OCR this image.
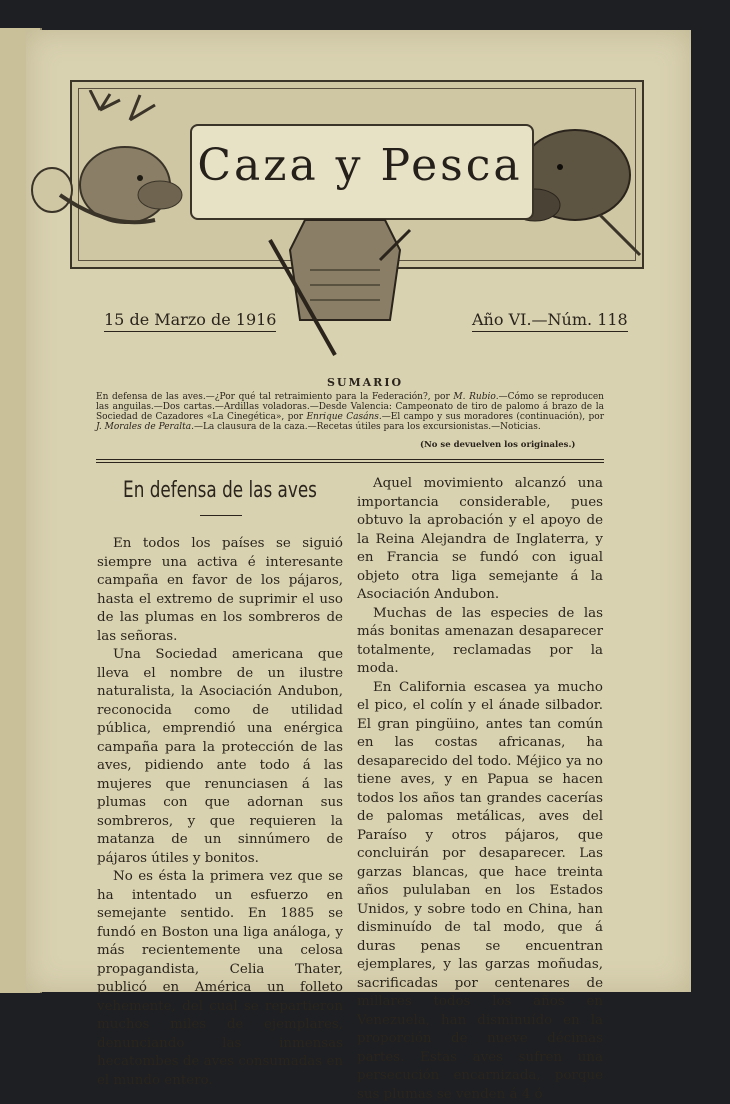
Caza y Pesca
15 de Marzo de 1916	Año VI.—Núm. 118
SUMARIO
En defensa de las aves.—¿Por qué tal retraimiento para la Federación?, por M. Rubio.—Cómo se reproducen las anguilas.—Dos cartas.—Ardillas voladoras.—Desde Valencia: Campeonato de tiro de palomo á brazo de la Sociedad de Cazadores «La Cinegética», por Enrique Casáns.—El campo y sus moradores (continuación), por J. Morales de Peralta.—La clausura de la caza.—Recetas útiles para los excursionistas.—Noticias.
(No se devuelven los originales.)
En defensa de las aves

En todos los países se siguió siempre una activa é interesante campaña en favor de los pájaros, hasta el extremo de suprimir el uso de las plumas en los sombreros de las señoras.

Una Sociedad americana que lleva el nombre de un ilustre naturalista, la Asociación Andubon, reconocida como de utilidad pública, emprendió una enérgica campaña para la protección de las aves, pidiendo ante todo á las mujeres que renunciasen á las plumas con que adornan sus sombreros, y que requieren la matanza de un sinnúmero de pájaros útiles y bonitos.

No es ésta la primera vez que se ha intentado un esfuerzo en semejante sentido. En 1885 se fundó en Boston una liga análoga, y más recientemente una celosa propagandista, Celia Thater, publicó en América un folleto vehemente, del cual se repartieron muchos miles de ejemplares, denunciando las inmensas hecatombes de aves consumadas en el mundo entero.

Aquel movimiento alcanzó una importancia considerable, pues obtuvo la aprobación y el apoyo de la Reina Alejandra de Inglaterra, y en Francia se fundó con igual objeto otra liga semejante á la Asociación Andubon.

Muchas de las especies de las más bonitas amenazan desaparecer totalmente, reclamadas por la moda.

En California escasea ya mucho el pico, el colín y el ánade silbador. El gran pingüino, antes tan común en las costas africanas, ha desaparecido del todo. Méjico ya no tiene aves, y en Papua se hacen todos los años tan grandes cacerías de palomas metálicas, aves del Paraíso y otros pájaros, que concluirán por desaparecer. Las garzas blancas, que hace treinta años pululaban en los Estados Unidos, y sobre todo en China, han disminuído de tal modo, que á duras penas se encuentran ejemplares, y las garzas moñudas, sacrificadas por centenares de millares todos los años en Venezuela, han disminuído en la proporción de nueve décimas partes. Estas aves sufren una persecución encarnizada, porque sus plumas se venden á 4 ó
